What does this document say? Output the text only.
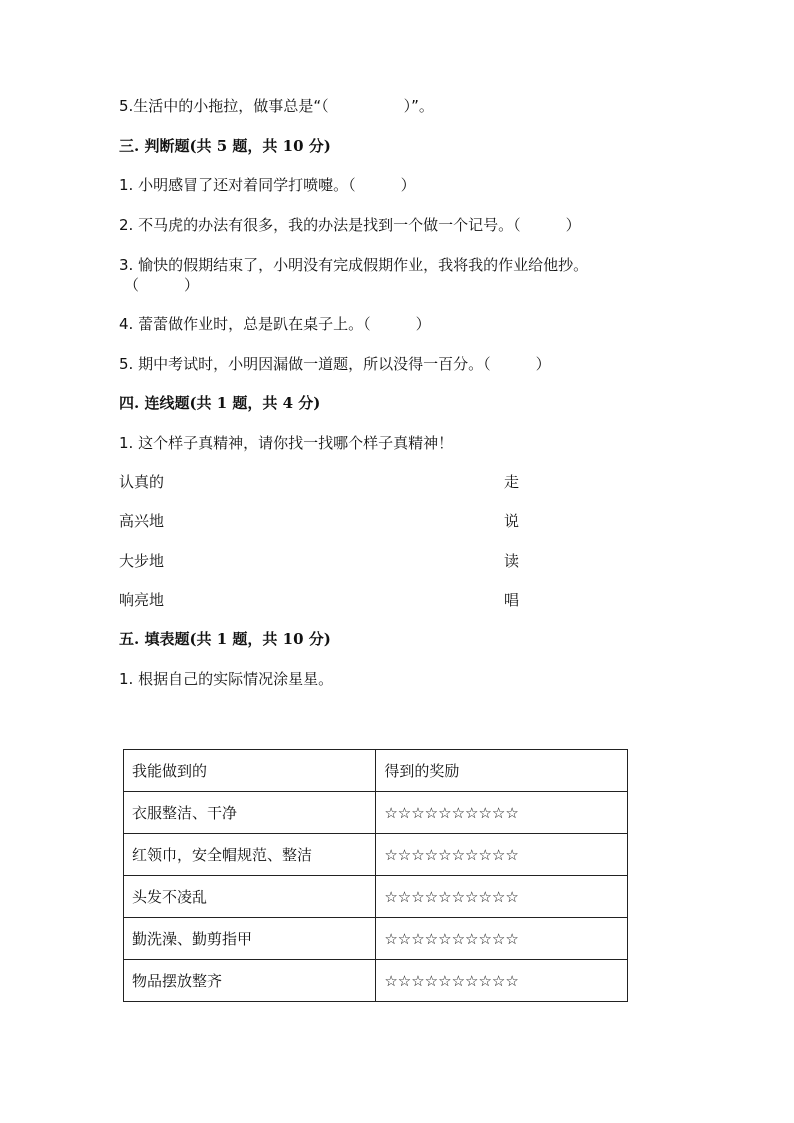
5.生活中的小拖拉，做事总是“（　　　　　）”。
三. 判断题(共 5 题，共 10 分)
1. 小明感冒了还对着同学打喷嚏。（　　　）
2. 不马虎的办法有很多，我的办法是找到一个做一个记号。（　　　）
3. 愉快的假期结束了，小明没有完成假期作业，我将我的作业给他抄。
（　　　）
4. 蕾蕾做作业时，总是趴在桌子上。（　　　）
5. 期中考试时，小明因漏做一道题，所以没得一百分。（　　　）
四. 连线题(共 1 题，共 4 分)
1. 这个样子真精神，请你找一找哪个样子真精神！
认真的	走
高兴地	说
大步地	读
响亮地	唱
五. 填表题(共 1 题，共 10 分)
1. 根据自己的实际情况涂星星。
我能做到的	得到的奖励
衣服整洁、干净	☆☆☆☆☆☆☆☆☆☆
红领巾，安全帽规范、整洁	☆☆☆☆☆☆☆☆☆☆
头发不凌乱	☆☆☆☆☆☆☆☆☆☆
勤洗澡、勤剪指甲	☆☆☆☆☆☆☆☆☆☆
物品摆放整齐	☆☆☆☆☆☆☆☆☆☆
